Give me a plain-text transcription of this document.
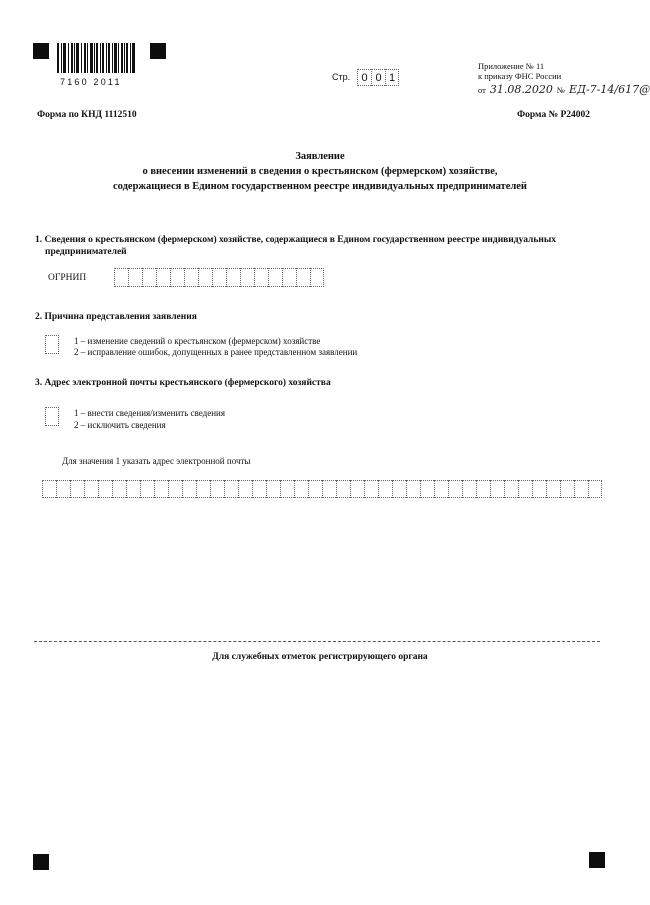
7160 2011	Стр.	0 0 1
Приложение № 11
к приказу ФНС России
от 31.08.2020 № ЕД-7-14/617@
Форма по КНД 1112510	Форма № Р24002
Заявление
о внесении изменений в сведения о крестьянском (фермерском) хозяйстве,
содержащиеся в Едином государственном реестре индивидуальных предпринимателей
1. Сведения о крестьянском (фермерском) хозяйстве, содержащиеся в Едином государственном реестре индивидуальных
предпринимателей
ОГРНИП
2. Причина представления заявления
1 – изменение сведений о крестьянском (фермерском) хозяйстве
2 – исправление ошибок, допущенных в ранее представленном заявлении
3. Адрес электронной почты крестьянского (фермерского) хозяйства
1 – внести сведения/изменить сведения
2 – исключить сведения
Для значения 1 указать адрес электронной почты
Для служебных отметок регистрирующего органа
